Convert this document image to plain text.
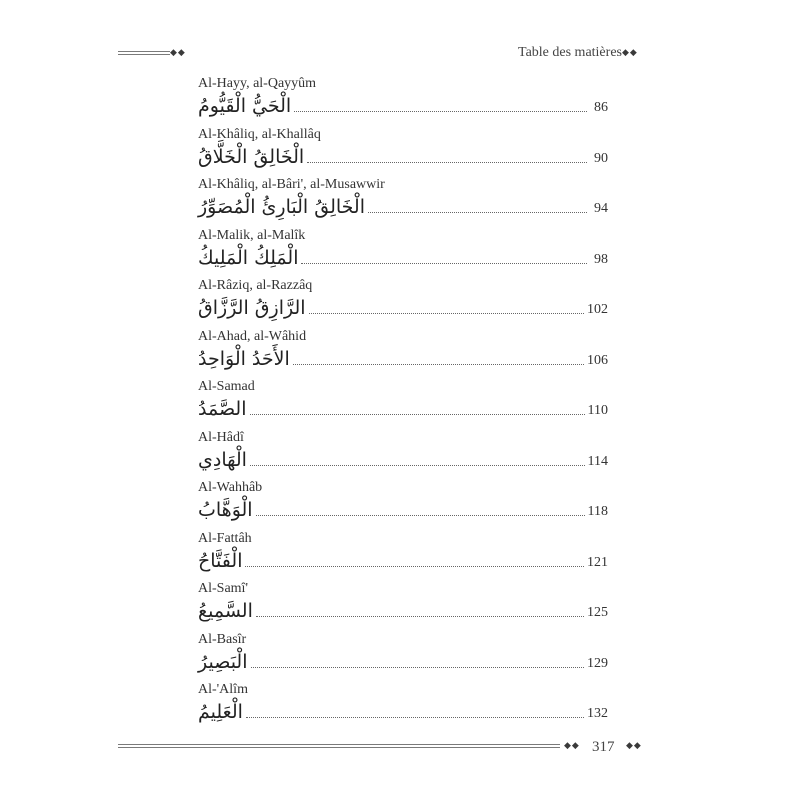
◆◆	Table des matières ◆◆
Al-Hayy, al-Qayyûm
الْحَيُّ الْقَيُّومُ	86
Al-Khâliq, al-Khallâq
الْخَالِقُ الْخَلَّاقُ	90
Al-Khâliq, al-Bâri', al-Musawwir
الْخَالِقُ الْبَارِئُ الْمُصَوِّرُ	94
Al-Malik, al-Malîk
الْمَلِكُ الْمَلِيكُ	98
Al-Râziq, al-Razzâq
الرَّازِقُ الرَّزَّاقُ	102
Al-Ahad, al-Wâhid
الأَحَدُ الْوَاحِدُ	106
Al-Samad
الصَّمَدُ	110
Al-Hâdî
الْهَادِي	114
Al-Wahhâb
الْوَهَّابُ	118
Al-Fattâh
الْفَتَّاحُ	121
Al-Samî'
السَّمِيعُ	125
Al-Basîr
الْبَصِيرُ	129
Al-'Alîm
الْعَلِيمُ	132
◆◆ 317 ◆◆
